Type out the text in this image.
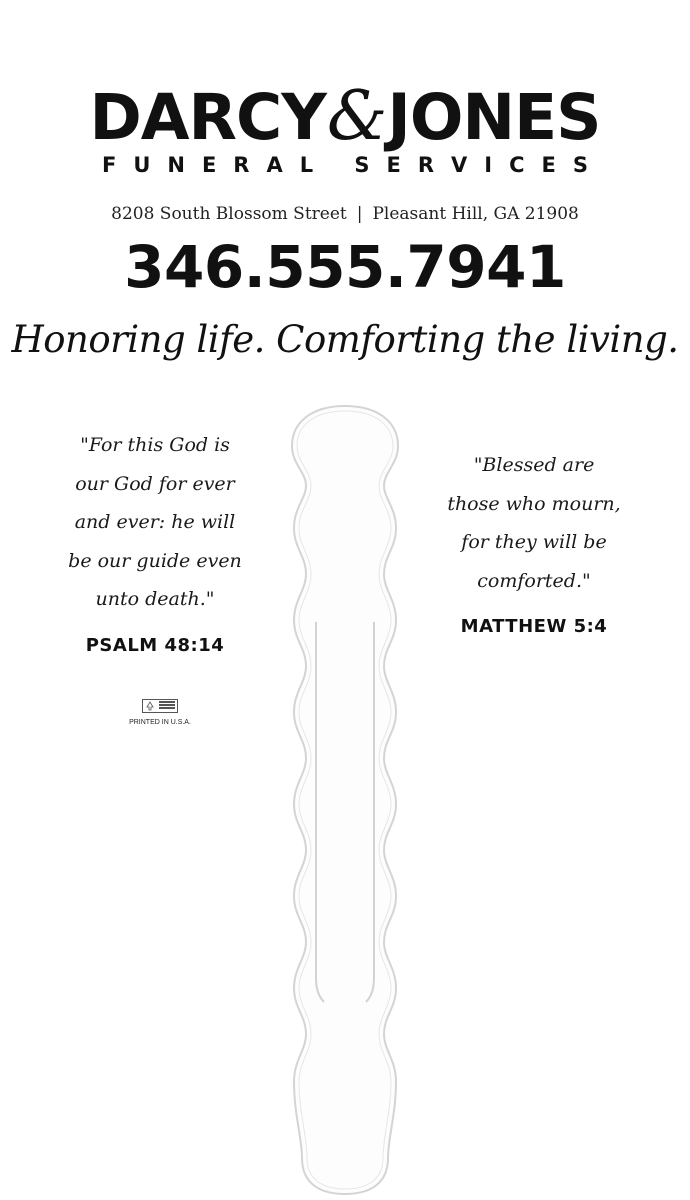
DARCY&JONES
FUNERAL SERVICES
8208 South Blossom Street | Pleasant Hill, GA 21908
346.555.7941
Honoring life. Comforting the living.
"For this God is
our God for ever
and ever: he will
be our guide even
unto death."
PSALM 48:14
"Blessed are
those who mourn,
for they will be
comforted."
MATTHEW 5:4
PRINTED IN U.S.A.
